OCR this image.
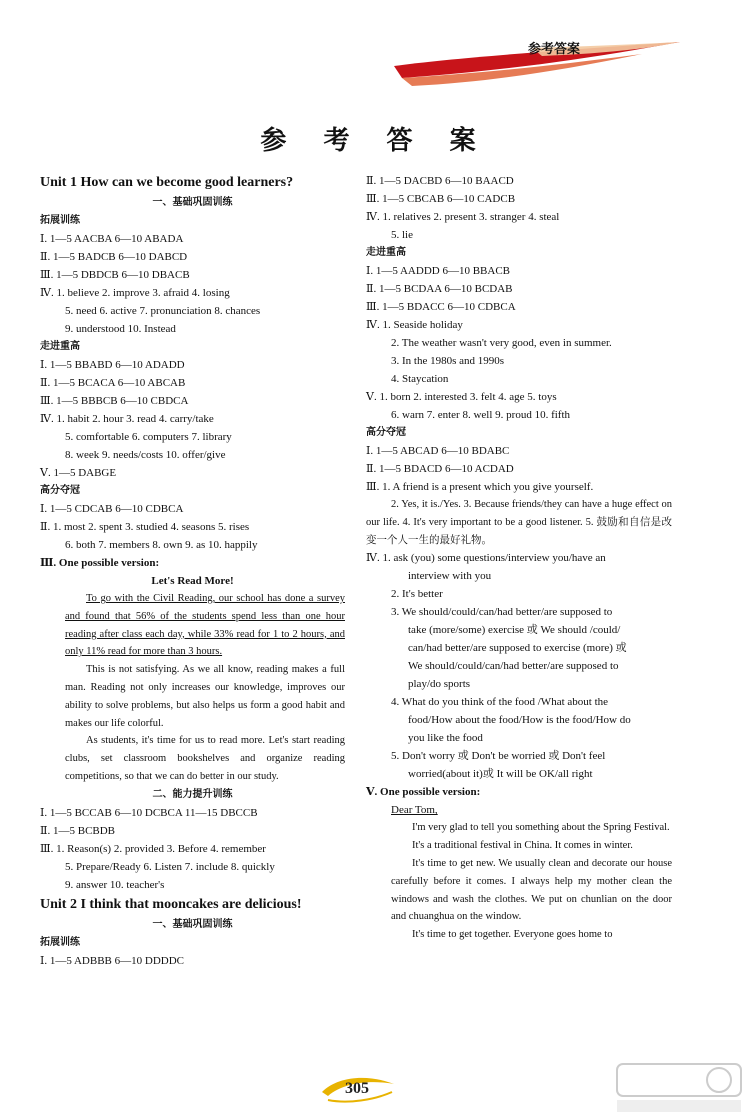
参考答案
参 考 答 案
Unit 1 How can we become good learners?
一、基础巩固训练
拓展训练
Ⅰ. 1—5 AACBA 6—10 ABADA
Ⅱ. 1—5 BADCB 6—10 DABCD
Ⅲ. 1—5 DBDCB 6—10 DBACB
Ⅳ. 1. believe 2. improve 3. afraid 4. losing
5. need 6. active 7. pronunciation 8. chances
9. understood 10. Instead
走进重高
Ⅰ. 1—5 BBABD 6—10 ADADD
Ⅱ. 1—5 BCACA 6—10 ABCAB
Ⅲ. 1—5 BBBCB 6—10 CBDCA
Ⅳ. 1. habit 2. hour 3. read 4. carry/take
5. comfortable 6. computers 7. library
8. week 9. needs/costs 10. offer/give
Ⅴ. 1—5 DABGE
高分夺冠
Ⅰ. 1—5 CDCAB 6—10 CDBCA
Ⅱ. 1. most 2. spent 3. studied 4. seasons 5. rises
6. both 7. members 8. own 9. as 10. happily
Ⅲ. One possible version:
Let's Read More!
To go with the Civil Reading, our school has done a survey and found that 56% of the students spend less than one hour reading after class each day, while 33% read for 1 to 2 hours, and only 11% read for more than 3 hours.
This is not satisfying. As we all know, reading makes a full man. Reading not only increases our knowledge, improves our ability to solve problems, but also helps us form a good habit and makes our life colorful.
As students, it's time for us to read more. Let's start reading clubs, set classroom bookshelves and organize reading competitions, so that we can do better in our study.
二、能力提升训练
Ⅰ. 1—5 BCCAB 6—10 DCBCA 11—15 DBCCB
Ⅱ. 1—5 BCBDB
Ⅲ. 1. Reason(s) 2. provided 3. Before 4. remember
5. Prepare/Ready 6. Listen 7. include 8. quickly
9. answer 10. teacher's
Unit 2 I think that mooncakes are delicious!
一、基础巩固训练
拓展训练
Ⅰ. 1—5 ADBBB 6—10 DDDDC
Ⅱ. 1—5 DACBD 6—10 BAACD
Ⅲ. 1—5 CBCAB 6—10 CADCB
Ⅳ. 1. relatives 2. present 3. stranger 4. steal
5. lie
走进重高
Ⅰ. 1—5 AADDD 6—10 BBACB
Ⅱ. 1—5 BCDAA 6—10 BCDAB
Ⅲ. 1—5 BDACC 6—10 CDBCA
Ⅳ. 1. Seaside holiday
2. The weather wasn't very good, even in summer.
3. In the 1980s and 1990s
4. Staycation
Ⅴ. 1. born 2. interested 3. felt 4. age 5. toys
6. warn 7. enter 8. well 9. proud 10. fifth
高分夺冠
Ⅰ. 1—5 ABCAD 6—10 BDABC
Ⅱ. 1—5 BDACD 6—10 ACDAD
Ⅲ. 1. A friend is a present which you give yourself.
2. Yes, it is./Yes. 3. Because friends/they can have a huge effect on our life. 4. It's very important to be a good listener. 5. 鼓励和自信是改变一个人一生的最好礼物。
Ⅳ. 1. ask (you) some questions/interview you/have an
interview with you
2. It's better
3. We should/could/can/had better/are supposed to
take (more/some) exercise 或 We should /could/
can/had better/are supposed to exercise (more) 或
We should/could/can/had better/are supposed to
play/do sports
4. What do you think of the food /What about the
food/How about the food/How is the food/How do
you like the food
5. Don't worry 或 Don't be worried 或 Don't feel
worried(about it)或 It will be OK/all right
Ⅴ. One possible version:
Dear Tom,
I'm very glad to tell you something about the Spring Festival.
It's a traditional festival in China. It comes in winter.
It's time to get new. We usually clean and decorate our house carefully before it comes. I always help my mother clean the windows and wash the clothes. We put on chunlian on the door and chuanghua on the window.
It's time to get together. Everyone goes home to
305
